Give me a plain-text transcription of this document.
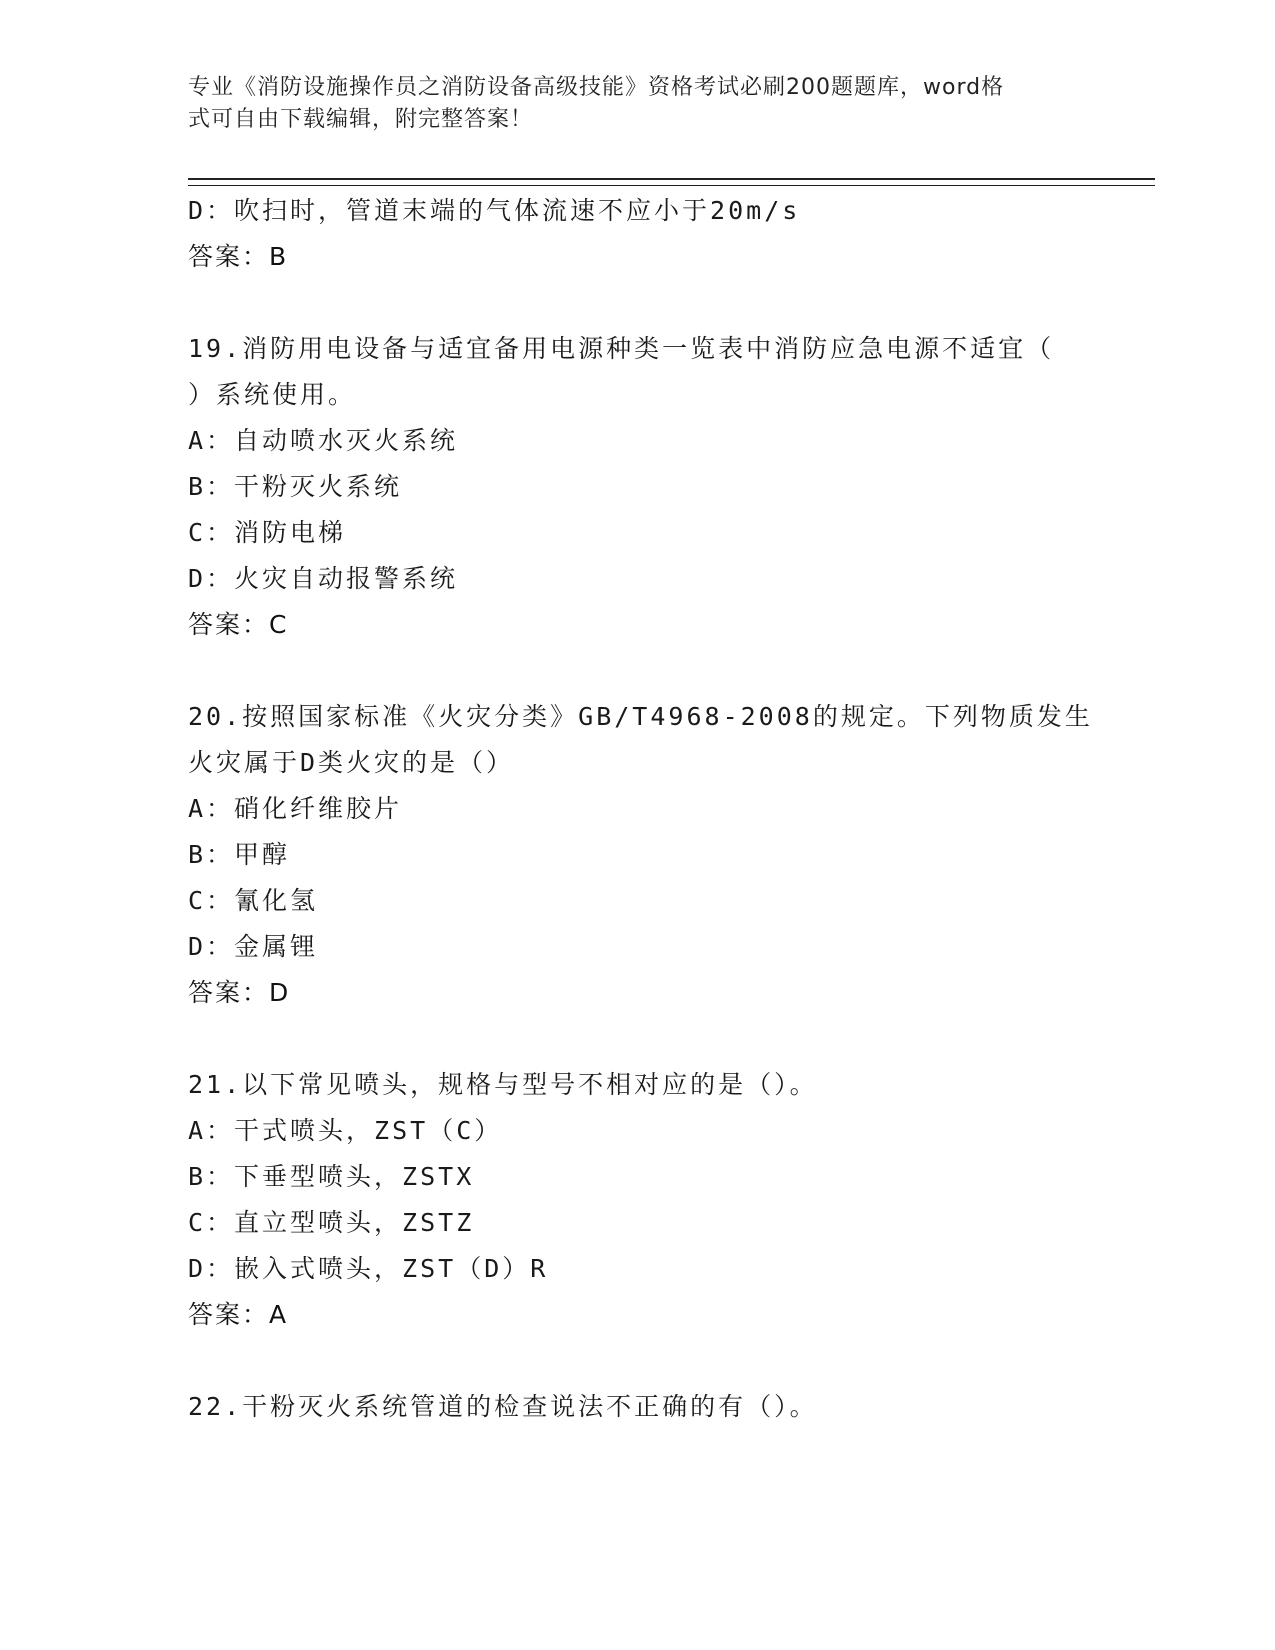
专业《消防设施操作员之消防设备高级技能》资格考试必刷200题题库，word格
式可自由下载编辑，附完整答案！
D：吹扫时，管道末端的气体流速不应小于20m/s
答案：B
19.消防用电设备与适宜备用电源种类一览表中消防应急电源不适宜（
）系统使用。
A：自动喷水灭火系统
B：干粉灭火系统
C：消防电梯
D：火灾自动报警系统
答案：C
20.按照国家标准《火灾分类》GB/T4968-2008的规定。下列物质发生
火灾属于D类火灾的是（）
A：硝化纤维胶片
B：甲醇
C：氰化氢
D：金属锂
答案：D
21.以下常见喷头，规格与型号不相对应的是（）。
A：干式喷头，ZST（C）
B：下垂型喷头，ZSTX
C：直立型喷头，ZSTZ
D：嵌入式喷头，ZST（D）R
答案：A
22.干粉灭火系统管道的检查说法不正确的有（）。
